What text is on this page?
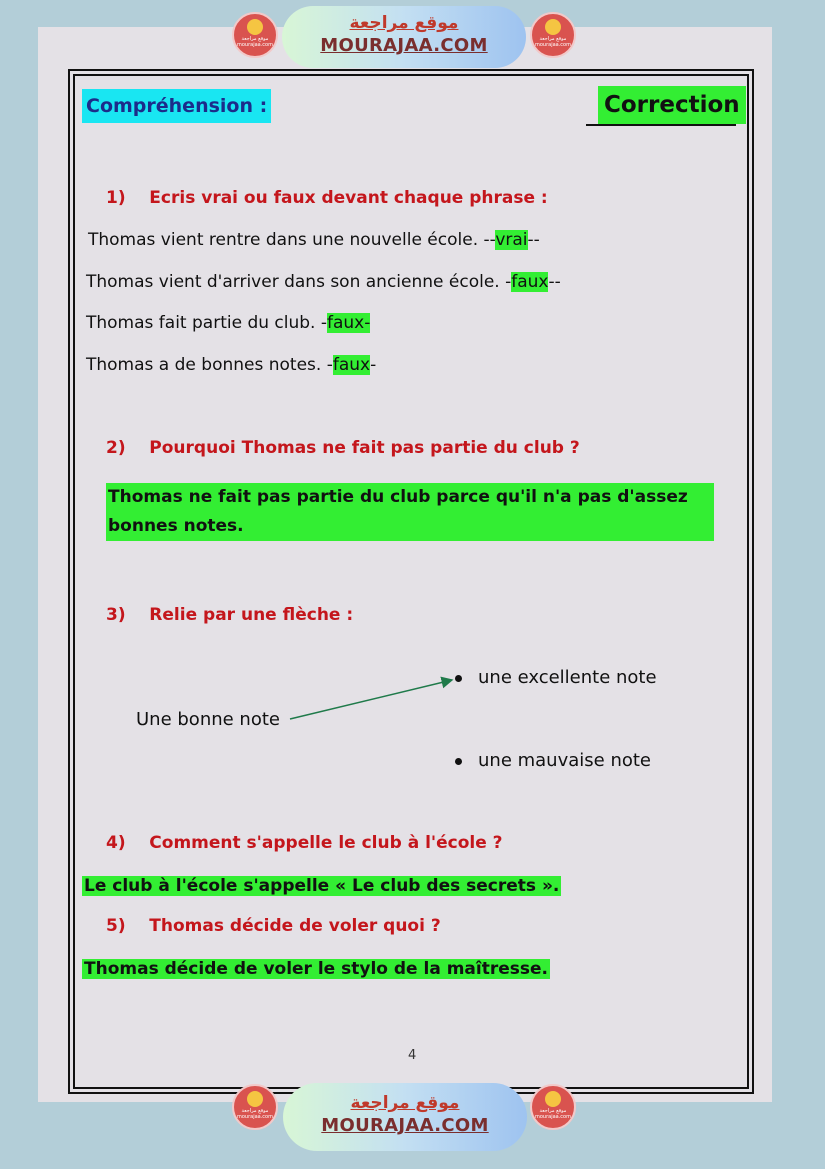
موقع مراجعة mourajaa.com
موقع مراجعة
MOURAJAA.COM	موقع مراجعة mourajaa.com
Compréhension :	Correction
1) Ecris vrai ou faux devant chaque phrase :
Thomas vient rentre dans une nouvelle école. --vrai--
Thomas vient d'arriver dans son ancienne école. -faux--
Thomas fait partie du club. -faux-
Thomas a de bonnes notes. -faux-
2) Pourquoi Thomas ne fait pas partie du club ?
Thomas ne fait pas partie du club parce qu'il n'a pas d'assez bonnes notes.
3) Relie par une flèche :
Une bonne note
une excellente note
une mauvaise note
4) Comment s'appelle le club à l'école ?
Le club à l'école s'appelle « Le club des secrets ».
5) Thomas décide de voler quoi ?
Thomas décide de voler le stylo de la maîtresse.
4
موقع مراجعة mourajaa.com
موقع مراجعة
MOURAJAA.COM
موقع مراجعة mourajaa.com
